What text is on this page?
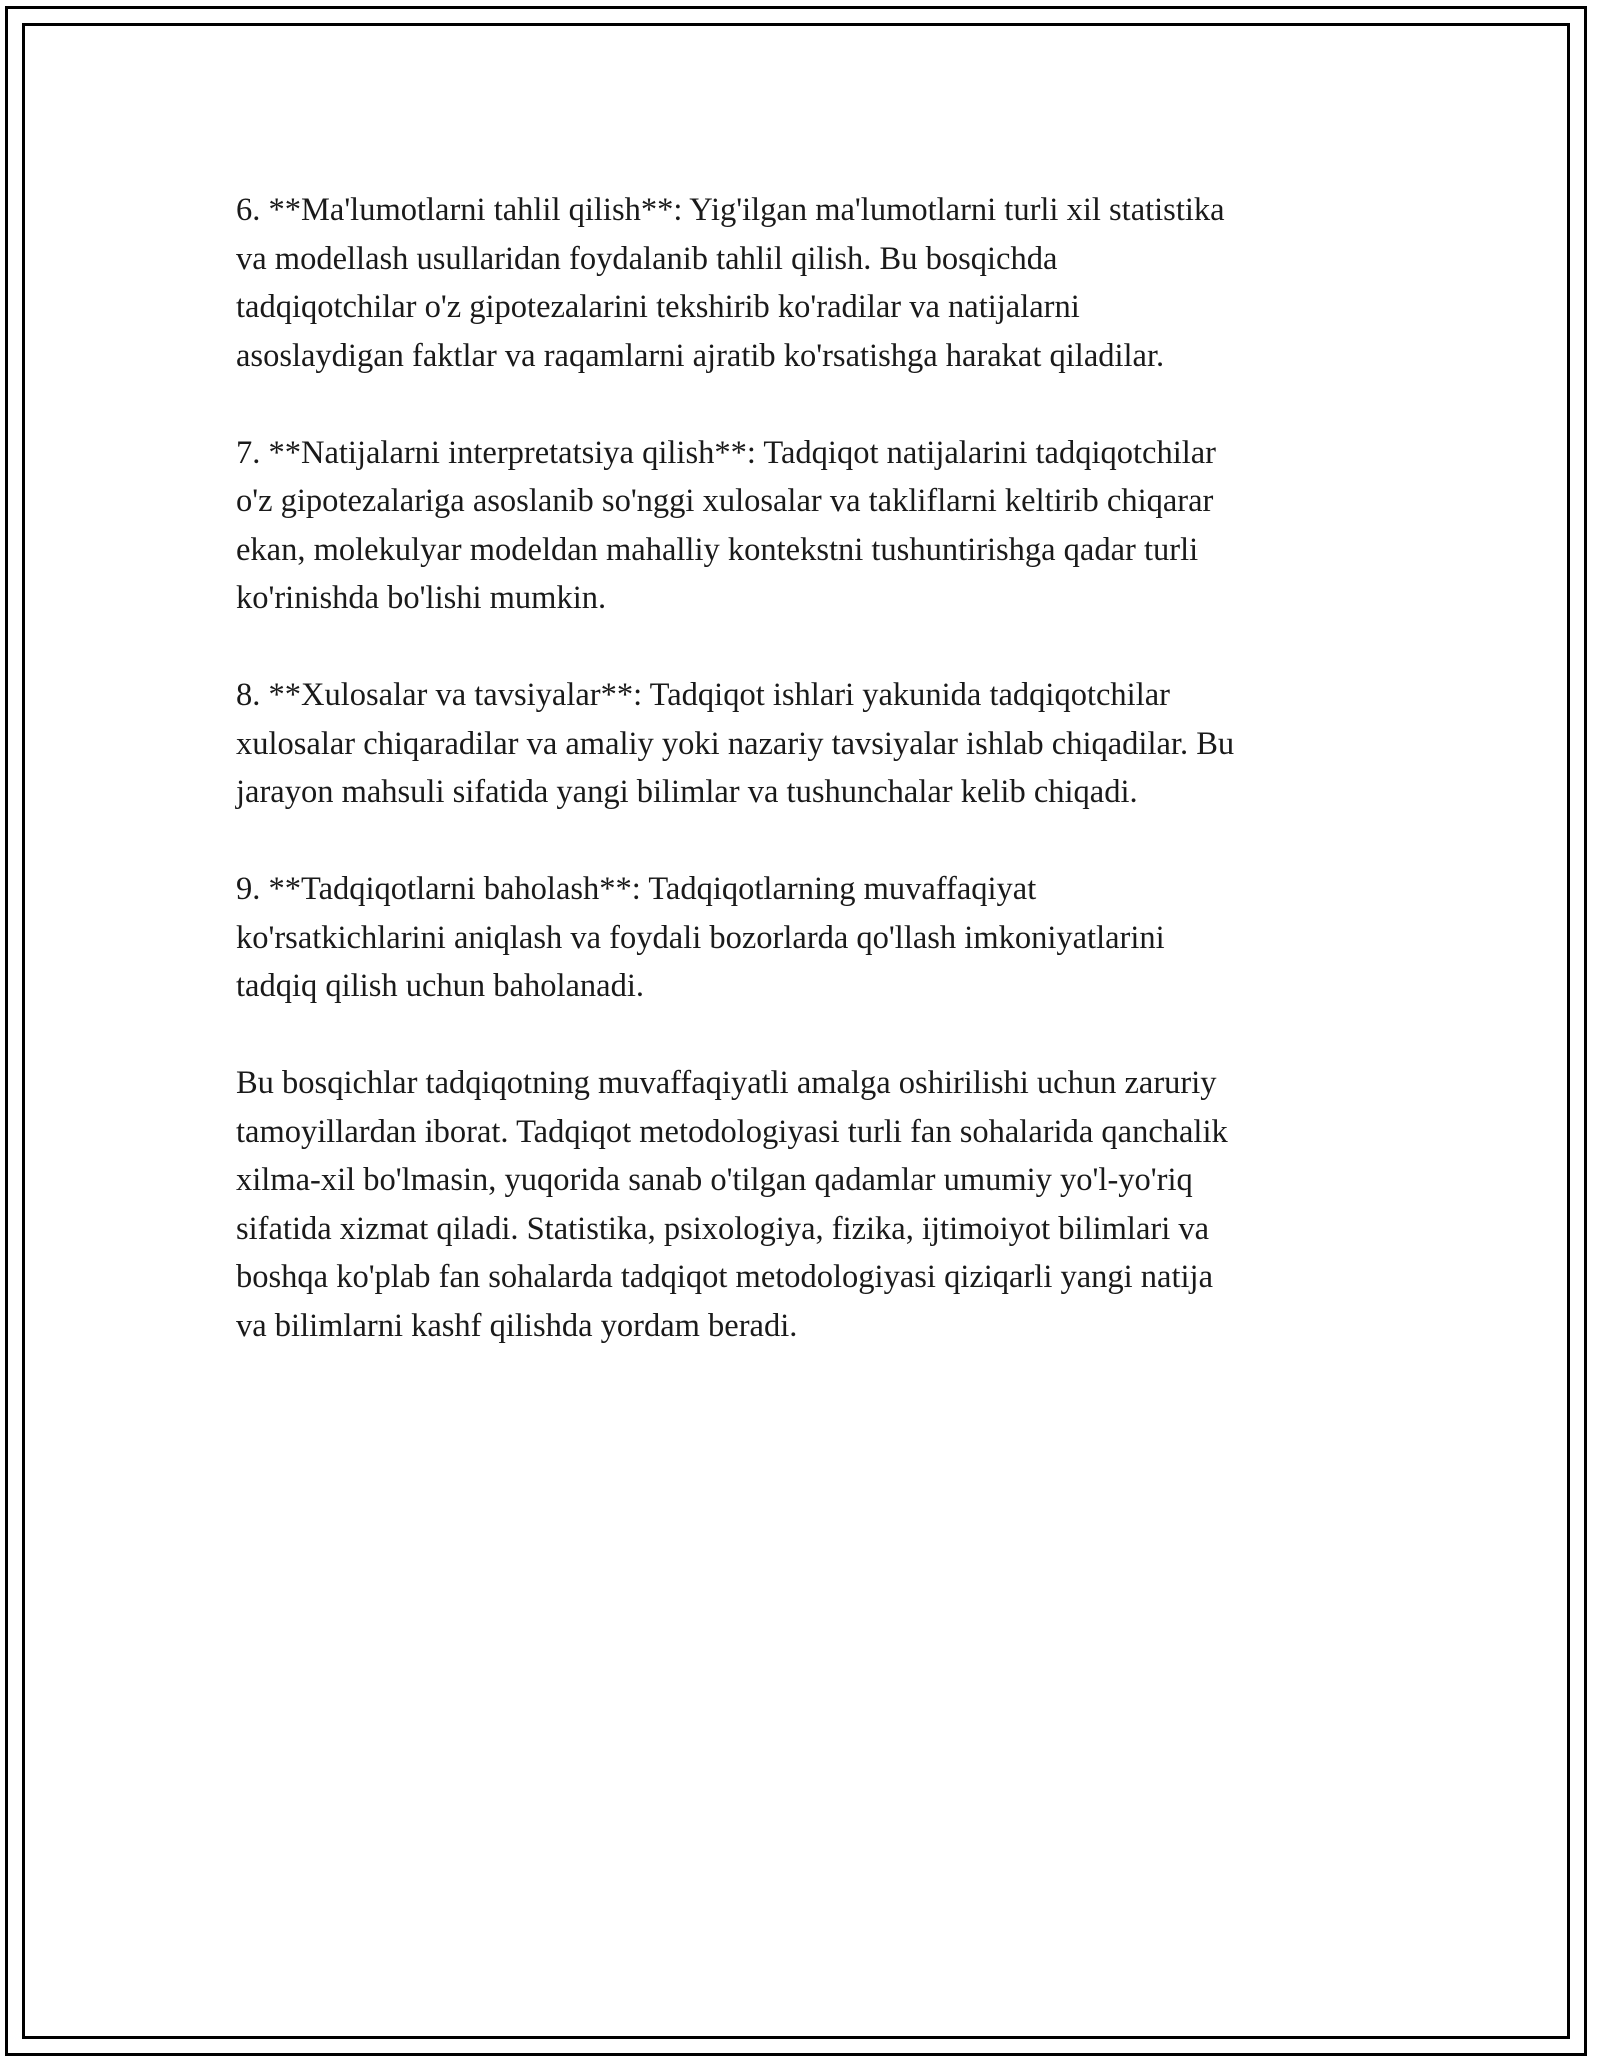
6. **Ma'lumotlarni tahlil qilish**: Yig'ilgan ma'lumotlarni turli xil statistika
va modellash usullaridan foydalanib tahlil qilish. Bu bosqichda
tadqiqotchilar o'z gipotezalarini tekshirib ko'radilar va natijalarni
asoslaydigan faktlar va raqamlarni ajratib ko'rsatishga harakat qiladilar.

7. **Natijalarni interpretatsiya qilish**: Tadqiqot natijalarini tadqiqotchilar
o'z gipotezalariga asoslanib so'nggi xulosalar va takliflarni keltirib chiqarar
ekan, molekulyar modeldan mahalliy kontekstni tushuntirishga qadar turli
ko'rinishda bo'lishi mumkin.

8. **Xulosalar va tavsiyalar**: Tadqiqot ishlari yakunida tadqiqotchilar
xulosalar chiqaradilar va amaliy yoki nazariy tavsiyalar ishlab chiqadilar. Bu
jarayon mahsuli sifatida yangi bilimlar va tushunchalar kelib chiqadi.

9. **Tadqiqotlarni baholash**: Tadqiqotlarning muvaffaqiyat
ko'rsatkichlarini aniqlash va foydali bozorlarda qo'llash imkoniyatlarini
tadqiq qilish uchun baholanadi.

Bu bosqichlar tadqiqotning muvaffaqiyatli amalga oshirilishi uchun zaruriy
tamoyillardan iborat. Tadqiqot metodologiyasi turli fan sohalarida qanchalik
xilma-xil bo'lmasin, yuqorida sanab o'tilgan qadamlar umumiy yo'l-yo'riq
sifatida xizmat qiladi. Statistika, psixologiya, fizika, ijtimoiyot bilimlari va
boshqa ko'plab fan sohalarda tadqiqot metodologiyasi qiziqarli yangi natija
va bilimlarni kashf qilishda yordam beradi.
